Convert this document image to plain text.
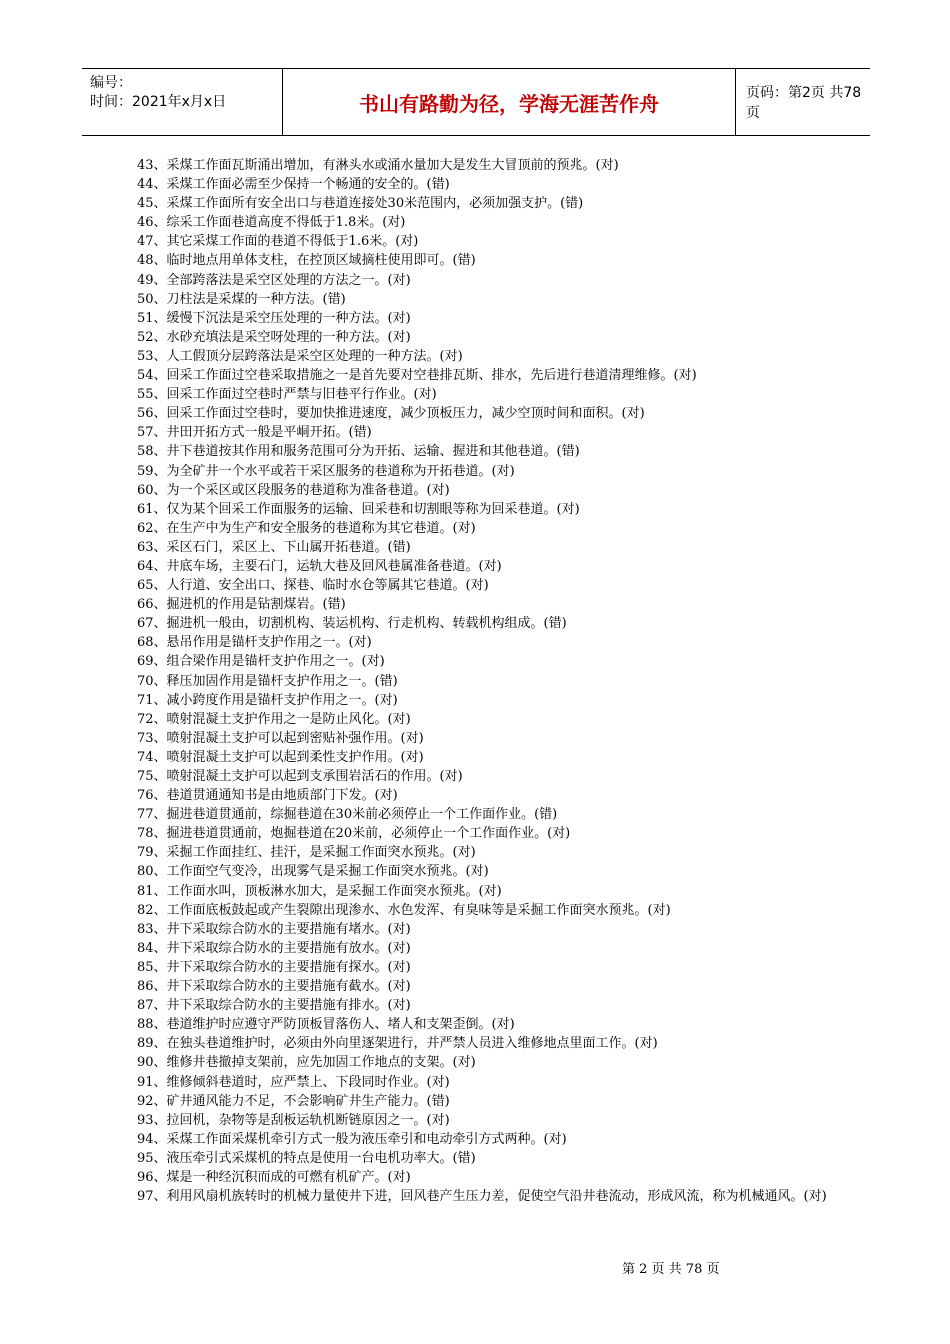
编号：
时间：2021年x月x日	书山有路勤为径，学海无涯苦作舟	页码：第2页 共78页

43、采煤工作面瓦斯涌出增加，有淋头水或涌水量加大是发生大冒顶前的预兆。(对)

44、采煤工作面必需至少保持一个畅通的安全的。(错)

45、采煤工作面所有安全出口与巷道连接处30米范围内，必须加强支护。(错)

46、综采工作面巷道高度不得低于1.8米。(对)

47、其它采煤工作面的巷道不得低于1.6米。(对)

48、临时地点用单体支柱，在控顶区域摘柱使用即可。(错)

49、全部跨落法是采空区处理的方法之一。(对)

50、刀柱法是采煤的一种方法。(错)

51、缓慢下沉法是采空压处理的一种方法。(对)

52、水砂充填法是采空呀处理的一种方法。(对)

53、人工假顶分层跨落法是采空区处理的一种方法。(对)

54、回采工作面过空巷采取措施之一是首先要对空巷排瓦斯、排水，先后进行巷道清理维修。(对)

55、回采工作面过空巷时严禁与旧巷平行作业。(对)

56、回采工作面过空巷时，要加快推进速度，减少顶板压力，减少空顶时间和面积。(对)

57、井田开拓方式一般是平峒开拓。(错)

58、井下巷道按其作用和服务范围可分为开拓、运输、握进和其他巷道。(错)

59、为全矿井一个水平或若干采区服务的巷道称为开拓巷道。(对)

60、为一个采区或区段服务的巷道称为准备巷道。(对)

61、仅为某个回采工作面服务的运输、回采巷和切割眼等称为回采巷道。(对)

62、在生产中为生产和安全服务的巷道称为其它巷道。(对)

63、采区石门，采区上、下山属开拓巷道。(错)

64、井底车场，主要石门，运轨大巷及回风巷属准备巷道。(对)

65、人行道、安全出口、探巷、临时水仓等属其它巷道。(对)

66、掘进机的作用是钻割煤岩。(错)

67、掘进机一般由，切割机构、装运机构、行走机构、转载机构组成。(错)

68、悬吊作用是锚杆支护作用之一。(对)

69、组合梁作用是锚杆支护作用之一。(对)

70、释压加固作用是锚杆支护作用之一。(错)

71、减小跨度作用是锚杆支护作用之一。(对)

72、喷射混凝土支护作用之一是防止风化。(对)

73、喷射混凝土支护可以起到密贴补强作用。(对)

74、喷射混凝土支护可以起到柔性支护作用。(对)

75、喷射混凝土支护可以起到支承围岩活石的作用。(对)

76、巷道贯通通知书是由地质部门下发。(对)

77、掘进巷道贯通前，综掘巷道在30米前必须停止一个工作面作业。(错)

78、掘进巷道贯通前，炮掘巷道在20米前，必须停止一个工作面作业。(对)

79、采掘工作面挂红、挂汗，是采掘工作面突水预兆。(对)

80、工作面空气变冷，出现雾气是采掘工作面突水预兆。(对)

81、工作面水叫，顶板淋水加大，是采掘工作面突水预兆。(对)

82、工作面底板鼓起或产生裂隙出现渗水、水色发浑、有臭味等是采掘工作面突水预兆。(对)

83、井下采取综合防水的主要措施有堵水。(对)

84、井下采取综合防水的主要措施有放水。(对)

85、井下采取综合防水的主要措施有探水。(对)

86、井下采取综合防水的主要措施有截水。(对)

87、井下采取综合防水的主要措施有排水。(对)

88、巷道维护时应遵守严防顶板冒落伤人、堵人和支架歪倒。(对)

89、在独头巷道维护时，必须由外向里逐架进行，并严禁人员进入维修地点里面工作。(对)

90、维修井巷撤掉支架前，应先加固工作地点的支架。(对)

91、维修倾斜巷道时，应严禁上、下段同时作业。(对)

92、矿井通风能力不足，不会影响矿井生产能力。(错)

93、拉回机，杂物等是刮板运轨机断链原因之一。(对)

94、采煤工作面采煤机牵引方式一般为液压牵引和电动牵引方式两种。(对)

95、液压牵引式采煤机的特点是使用一台电机功率大。(错)

96、煤是一种经沉积而成的可燃有机矿产。(对)

97、利用风扇机族转时的机械力量使井下进，回风巷产生压力差，促使空气沿井巷流动，形成风流，称为机械通风。(对)

第 2 页 共 78 页
